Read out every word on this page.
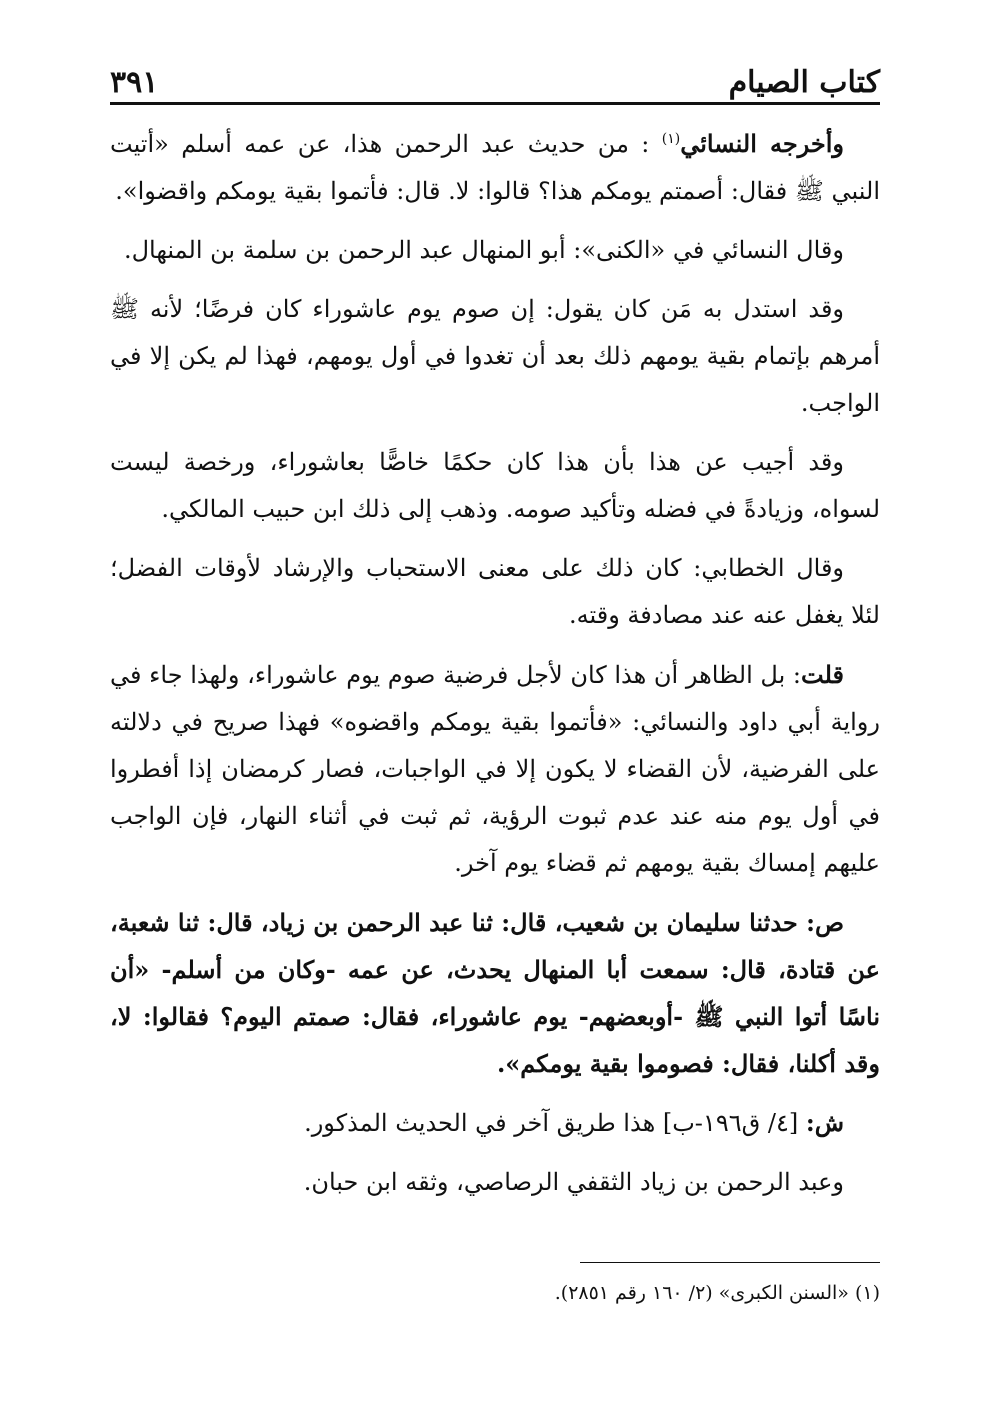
كتاب الصيام
٣٩١

وأخرجه النسائي$^{(١)}$ : من حديث عبد الرحمن هذا، عن عمه أسلم «أتيت النبي ﷺ فقال: أصمتم يومكم هذا؟ قالوا: لا. قال: فأتموا بقية يومكم واقضوا».

وقال النسائي في «الكنى»: أبو المنهال عبد الرحمن بن سلمة بن المنهال.

وقد استدل به مَن كان يقول: إن صوم يوم عاشوراء كان فرضًا؛ لأنه ﷺ أمرهم بإتمام بقية يومهم ذلك بعد أن تغدوا في أول يومهم، فهذا لم يكن إلا في الواجب.

وقد أجيب عن هذا بأن هذا كان حكمًا خاصًّا بعاشوراء، ورخصة ليست لسواه، وزيادةً في فضله وتأكيد صومه. وذهب إلى ذلك ابن حبيب المالكي.

وقال الخطابي: كان ذلك على معنى الاستحباب والإرشاد لأوقات الفضل؛ لئلا يغفل عنه عند مصادفة وقته.

قلت: بل الظاهر أن هذا كان لأجل فرضية صوم يوم عاشوراء، ولهذا جاء في رواية أبي داود والنسائي: «فأتموا بقية يومكم واقضوه» فهذا صريح في دلالته على الفرضية، لأن القضاء لا يكون إلا في الواجبات، فصار كرمضان إذا أفطروا في أول يوم منه عند عدم ثبوت الرؤية، ثم ثبت في أثناء النهار، فإن الواجب عليهم إمساك بقية يومهم ثم قضاء يوم آخر.

ص: حدثنا سليمان بن شعيب، قال: ثنا عبد الرحمن بن زياد، قال: ثنا شعبة، عن قتادة، قال: سمعت أبا المنهال يحدث، عن عمه -وكان من أسلم- «أن ناسًا أتوا النبي ﷺ -أوبعضهم- يوم عاشوراء، فقال: صمتم اليوم؟ فقالوا: لا، وقد أكلنا، فقال: فصوموا بقية يومكم».

ش: [٤/ ق١٩٦-ب] هذا طريق آخر في الحديث المذكور.

وعبد الرحمن بن زياد الثقفي الرصاصي، وثقه ابن حبان.

(١) «السنن الكبرى» (٢/ ١٦٠ رقم ٢٨٥١).
